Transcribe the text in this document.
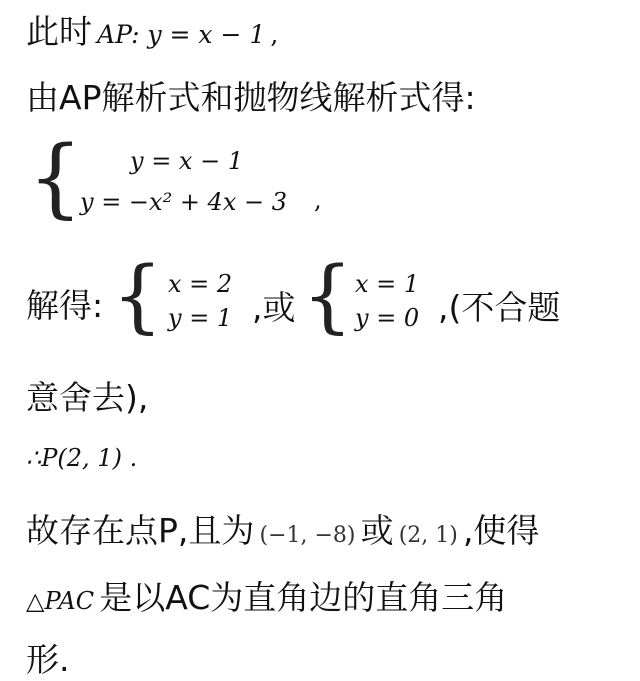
此时 AP: y = x − 1 ,
由AP解析式和抛物线解析式得:
{ y = x − 1
y = −x² + 4x − 3 ,
解得: { x = 2
y = 1 ,或 { x = 1
y = 0 ,(不合题
意舍去),
∴P(2, 1) .
故存在点P,且为 (−1, −8) 或 (2, 1) ,使得
△PAC 是以AC为直角边的直角三角
形.
